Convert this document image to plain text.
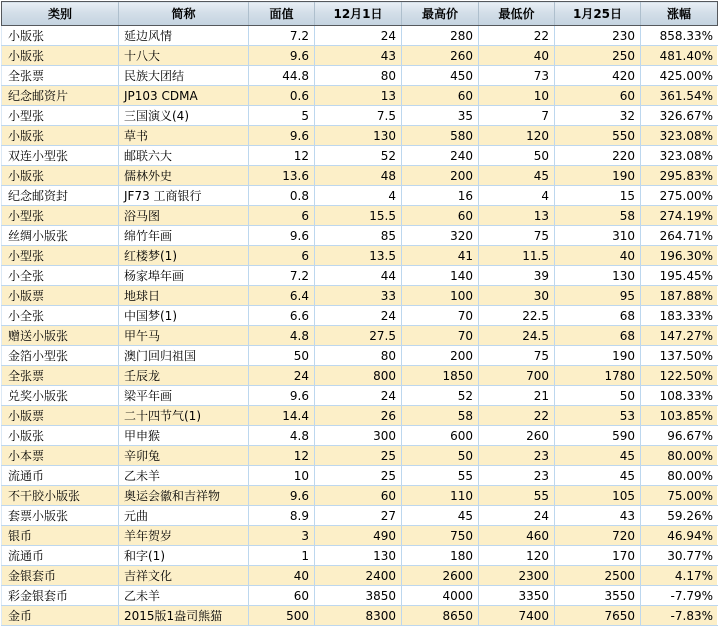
类别	简称	面值	12月1日	最高价	最低价	1月25日	涨幅
小版张	延边风情	7.2	24	280	22	230	858.33%
小版张	十八大	9.6	43	260	40	250	481.40%
全张票	民族大团结	44.8	80	450	73	420	425.00%
纪念邮资片	JP103 CDMA	0.6	13	60	10	60	361.54%
小型张	三国演义(4)	5	7.5	35	7	32	326.67%
小版张	草书	9.6	130	580	120	550	323.08%
双连小型张	邮联六大	12	52	240	50	220	323.08%
小版张	儒林外史	13.6	48	200	45	190	295.83%
纪念邮资封	JF73 工商银行	0.8	4	16	4	15	275.00%
小型张	浴马图	6	15.5	60	13	58	274.19%
丝绸小版张	绵竹年画	9.6	85	320	75	310	264.71%
小型张	红楼梦(1)	6	13.5	41	11.5	40	196.30%
小全张	杨家埠年画	7.2	44	140	39	130	195.45%
小版票	地球日	6.4	33	100	30	95	187.88%
小全张	中国梦(1)	6.6	24	70	22.5	68	183.33%
赠送小版张	甲午马	4.8	27.5	70	24.5	68	147.27%
金箔小型张	澳门回归祖国	50	80	200	75	190	137.50%
全张票	壬辰龙	24	800	1850	700	1780	122.50%
兑奖小版张	梁平年画	9.6	24	52	21	50	108.33%
小版票	二十四节气(1)	14.4	26	58	22	53	103.85%
小版张	甲申猴	4.8	300	600	260	590	96.67%
小本票	辛卯兔	12	25	50	23	45	80.00%
流通币	乙未羊	10	25	55	23	45	80.00%
不干胶小版张	奥运会徽和吉祥物	9.6	60	110	55	105	75.00%
套票小版张	元曲	8.9	27	45	24	43	59.26%
银币	羊年贺岁	3	490	750	460	720	46.94%
流通币	和字(1)	1	130	180	120	170	30.77%
金银套币	吉祥文化	40	2400	2600	2300	2500	4.17%
彩金银套币	乙未羊	60	3850	4000	3350	3550	-7.79%
金币	2015版1盎司熊猫	500	8300	8650	7400	7650	-7.83%
